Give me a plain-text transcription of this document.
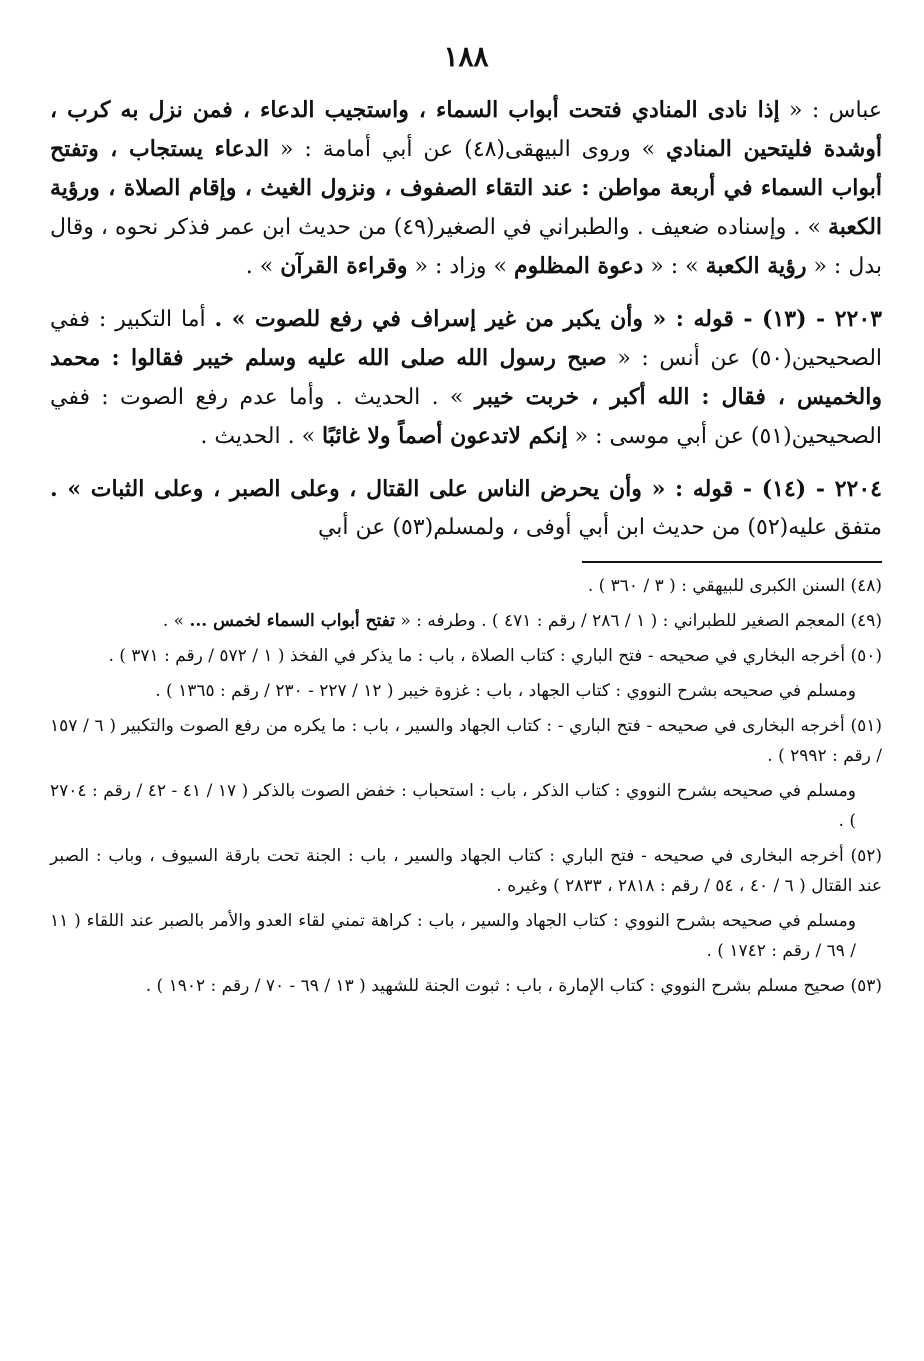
١٨٨

عباس : « إذا نادى المنادي فتحت أبواب السماء ، واستجيب الدعاء ، فمن نزل به كرب ، أوشدة فليتحين المنادي » وروى البيهقى(٤٨) عن أبي أمامة : « الدعاء يستجاب ، وتفتح أبواب السماء في أربعة مواطن : عند التقاء الصفوف ، ونزول الغيث ، وإقام الصلاة ، ورؤية الكعبة » . وإسناده ضعيف . والطبراني في الصغير(٤٩) من حديث ابن عمر فذكر نحوه ، وقال بدل : « رؤية الكعبة » : « دعوة المظلوم » وزاد : « وقراءة القرآن » .

٢٢٠٣ - (١٣) - قوله : « وأن يكبر من غير إسراف في رفع للصوت » . أما التكبير : ففي الصحيحين(٥٠) عن أنس : « صبح رسول الله صلى الله عليه وسلم خيبر فقالوا : محمد والخميس ، فقال : الله أكبر ، خربت خيبر » . الحديث . وأما عدم رفع الصوت : ففي الصحيحين(٥١) عن أبي موسى : « إنكم لاتدعون أصماً ولا غائبًا » . الحديث .

٢٢٠٤ - (١٤) - قوله : « وأن يحرض الناس على القتال ، وعلى الصبر ، وعلى الثبات » . متفق عليه(٥٢) من حديث ابن أبي أوفى ، ولمسلم(٥٣) عن أبي

(٤٨) السنن الكبرى للبيهقي : ( ٣ / ٣٦٠ ) .

(٤٩) المعجم الصغير للطبراني : ( ١ / ٢٨٦ / رقم : ٤٧١ ) . وطرفه : « تفتح أبواب السماء لخمس ... » .

(٥٠) أخرجه البخاري في صحيحه - فتح الباري : كتاب الصلاة ، باب : ما يذكر في الفخذ ( ١ / ٥٧٢ / رقم : ٣٧١ ) .

ومسلم في صحيحه بشرح النووي : كتاب الجهاد ، باب : غزوة خيبر ( ١٢ / ٢٢٧ - ٢٣٠ / رقم : ١٣٦٥ ) .

(٥١) أخرجه البخارى في صحيحه - فتح الباري - : كتاب الجهاد والسير ، باب : ما يكره من رفع الصوت والتكبير ( ٦ / ١٥٧ / رقم : ٢٩٩٢ ) .

ومسلم في صحيحه بشرح النووي : كتاب الذكر ، باب : استحباب : خفض الصوت بالذكر ( ١٧ / ٤١ - ٤٢ / رقم : ٢٧٠٤ ) .

(٥٢) أخرجه البخارى في صحيحه - فتح الباري : كتاب الجهاد والسير ، باب : الجنة تحت بارقة السيوف ، وباب : الصبر عند القتال ( ٦ / ٤٠ ، ٥٤ / رقم : ٢٨١٨ ، ٢٨٣٣ ) وغيره .

ومسلم في صحيحه بشرح النووي : كتاب الجهاد والسير ، باب : كراهة تمني لقاء العدو والأمر بالصبر عند اللقاء ( ١١ / ٦٩ / رقم : ١٧٤٢ ) .

(٥٣) صحيح مسلم بشرح النووي : كتاب الإمارة ، باب : ثبوت الجنة للشهيد ( ١٣ / ٦٩ - ٧٠ / رقم : ١٩٠٢ ) .
